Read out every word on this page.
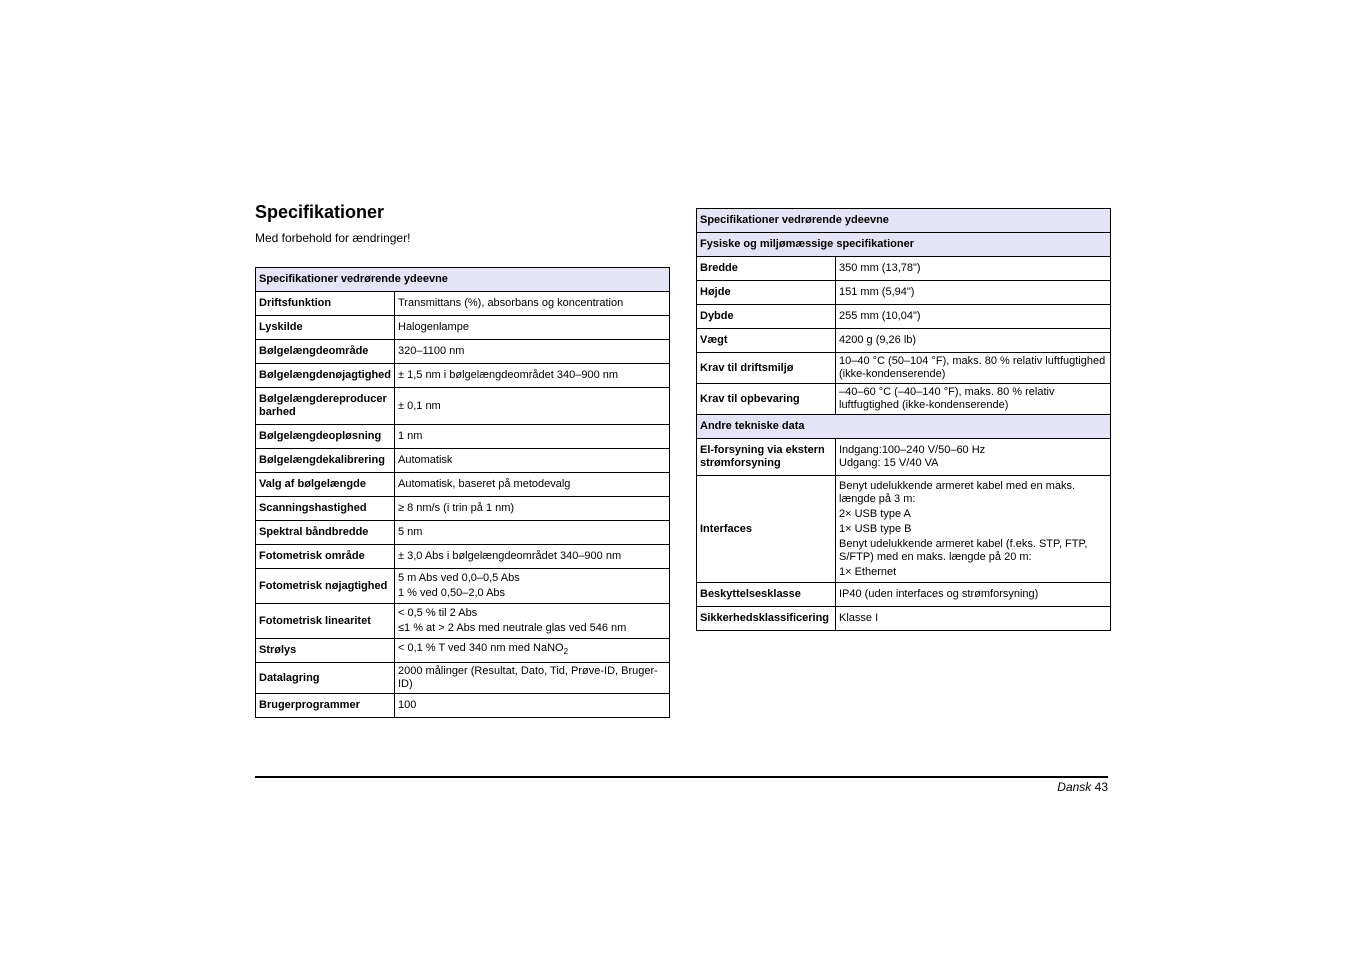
Specifikationer
Med forbehold for ændringer!
Specifikationer vedrørende ydeevne	
Driftsfunktion	Transmittans (%), absorbans og koncentration
Lyskilde	Halogenlampe
Bølgelængdeområde	320–1100 nm
Bølgelængdenøjagtighed	± 1,5 nm i bølgelængdeområdet 340–900 nm
Bølgelængdereproducerbarhed	± 0,1 nm
Bølgelængdeopløsning	1 nm
Bølgelængdekalibrering	Automatisk
Valg af bølgelængde	Automatisk, baseret på metodevalg
Scanningshastighed	≥ 8 nm/s (i trin på 1 nm)
Spektral båndbredde	5 nm
Fotometrisk område	± 3,0 Abs i bølgelængdeområdet 340–900 nm
Fotometrisk nøjagtighed	5 m Abs ved 0,0–0,5 Abs
1 % ved 0,50–2,0 Abs

Fotometrisk linearitet	< 0,5 % til 2 Abs
≤1 % at > 2 Abs med neutrale glas ved 546 nm

Strølys	< 0,1 % T ved 340 nm med NaNO$_2$
Datalagring	2000 målinger (Resultat, Dato, Tid, Prøve-ID, Bruger-ID)
Brugerprogrammer	100
Specifikationer vedrørende ydeevne	
Fysiske og miljømæssige specifikationer	
Bredde	350 mm (13,78")
Højde	151 mm (5,94")
Dybde	255 mm (10,04")
Vægt	4200 g (9,26 lb)
Krav til driftsmiljø	10–40 °C (50–104 °F), maks. 80 % relativ luftfugtighed (ikke-kondenserende)
Krav til opbevaring	–40–60 °C (–40–140 °F), maks. 80 % relativ luftfugtighed (ikke-kondenserende)
Andre tekniske data	
El-forsyning via ekstern strømforsyning	Indgang:100–240 V/50–60 Hz
Udgang: 15 V/40 VA

Interfaces	Benyt udelukkende armeret kabel med en maks. længde på 3 m:
2× USB type A
1× USB type B
Benyt udelukkende armeret kabel (f.eks. STP, FTP, S/FTP) med en maks. længde på 20 m:
1× Ethernet

Beskyttelsesklasse	IP40 (uden interfaces og strømforsyning)
Sikkerhedsklassificering	Klasse I
Dansk 43
